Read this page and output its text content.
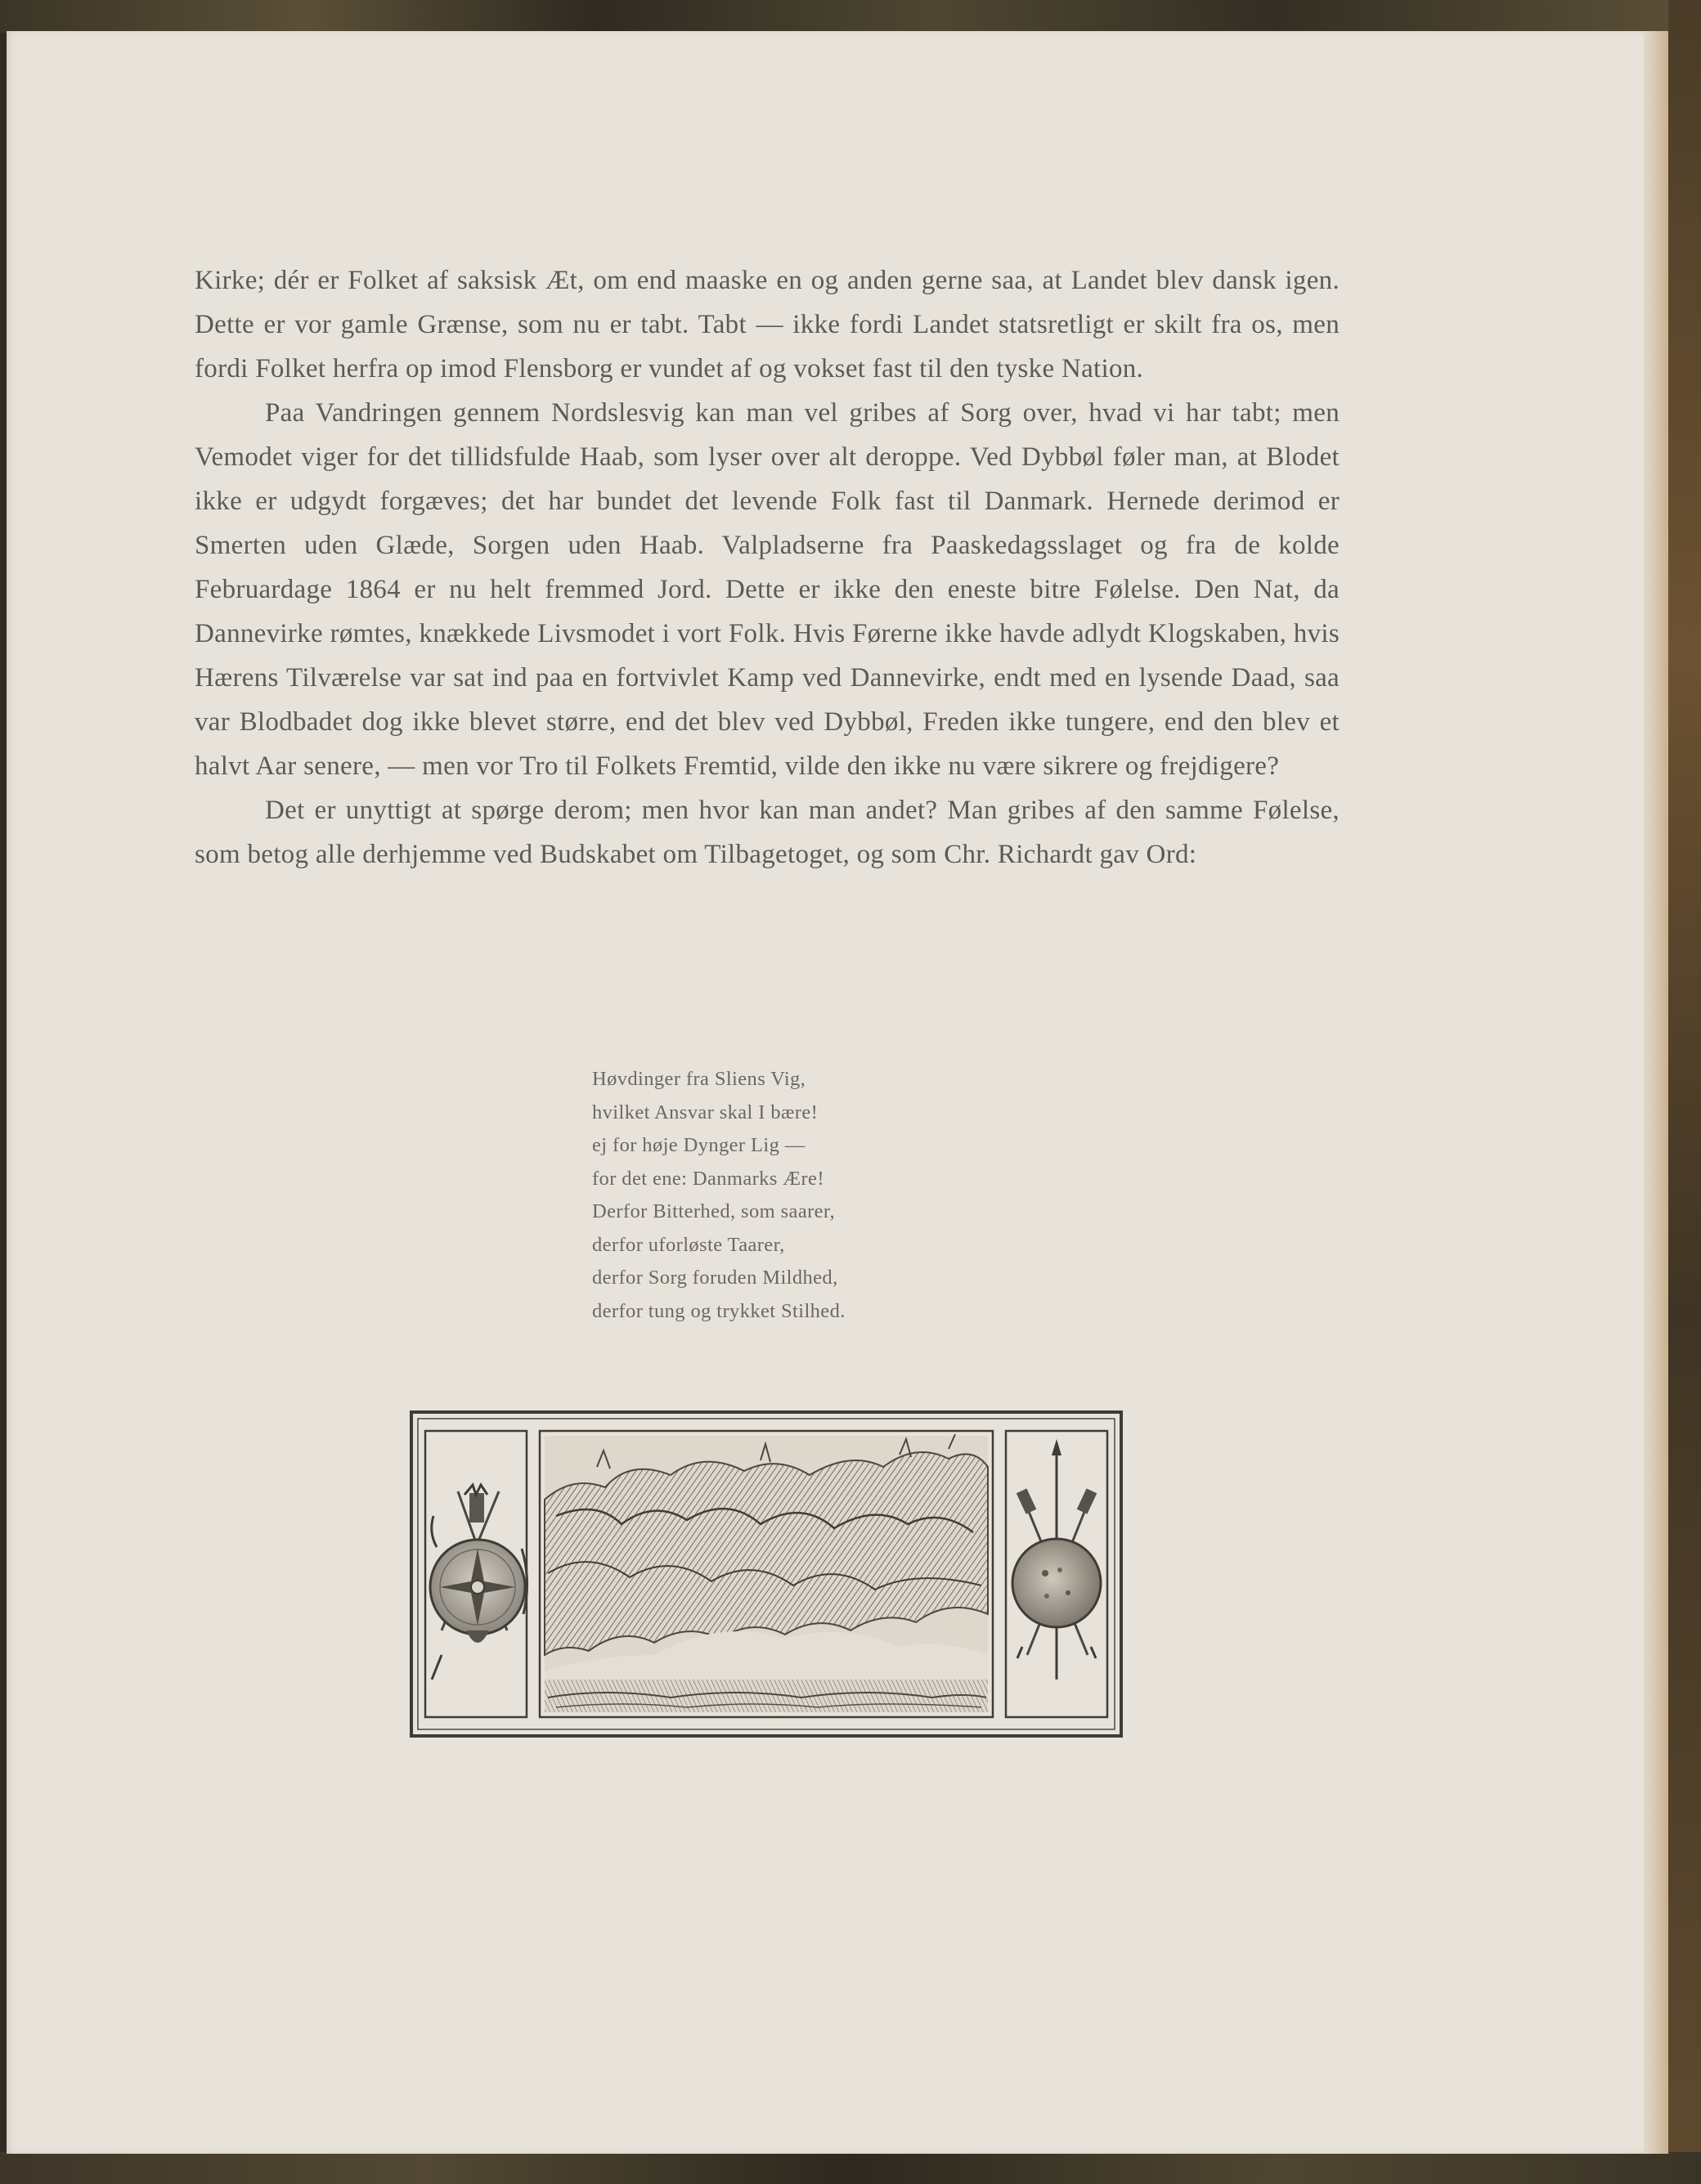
Kirke; dér er Folket af saksisk Æt, om end maaske en og anden gerne saa, at Landet blev dansk igen. Dette er vor gamle Grænse, som nu er tabt. Tabt — ikke fordi Landet statsretligt er skilt fra os, men fordi Folket herfra op imod Flensborg er vundet af og vokset fast til den tyske Nation.

Paa Vandringen gennem Nordslesvig kan man vel gribes af Sorg over, hvad vi har tabt; men Vemodet viger for det tillidsfulde Haab, som lyser over alt deroppe. Ved Dybbøl føler man, at Blodet ikke er udgydt forgæves; det har bundet det levende Folk fast til Danmark. Hernede derimod er Smerten uden Glæde, Sorgen uden Haab. Valpladserne fra Paaskedagsslaget og fra de kolde Februardage 1864 er nu helt fremmed Jord. Dette er ikke den eneste bitre Følelse. Den Nat, da Dannevirke rømtes, knækkede Livsmodet i vort Folk. Hvis Førerne ikke havde adlydt Klogskaben, hvis Hærens Tilværelse var sat ind paa en fortvivlet Kamp ved Dannevirke, endt med en lysende Daad, saa var Blodbadet dog ikke blevet større, end det blev ved Dybbøl, Freden ikke tungere, end den blev et halvt Aar senere, — men vor Tro til Folkets Fremtid, vilde den ikke nu være sikrere og frejdigere?

Det er unyttigt at spørge derom; men hvor kan man andet? Man gribes af den samme Følelse, som betog alle derhjemme ved Budskabet om Tilbagetoget, og som Chr. Richardt gav Ord:

Høvdinger fra Sliens Vig,
hvilket Ansvar skal I bære!
ej for høje Dynger Lig —
for det ene: Danmarks Ære!
Derfor Bitterhed, som saarer,
derfor uforløste Taarer,
derfor Sorg foruden Mildhed,
derfor tung og trykket Stilhed.
